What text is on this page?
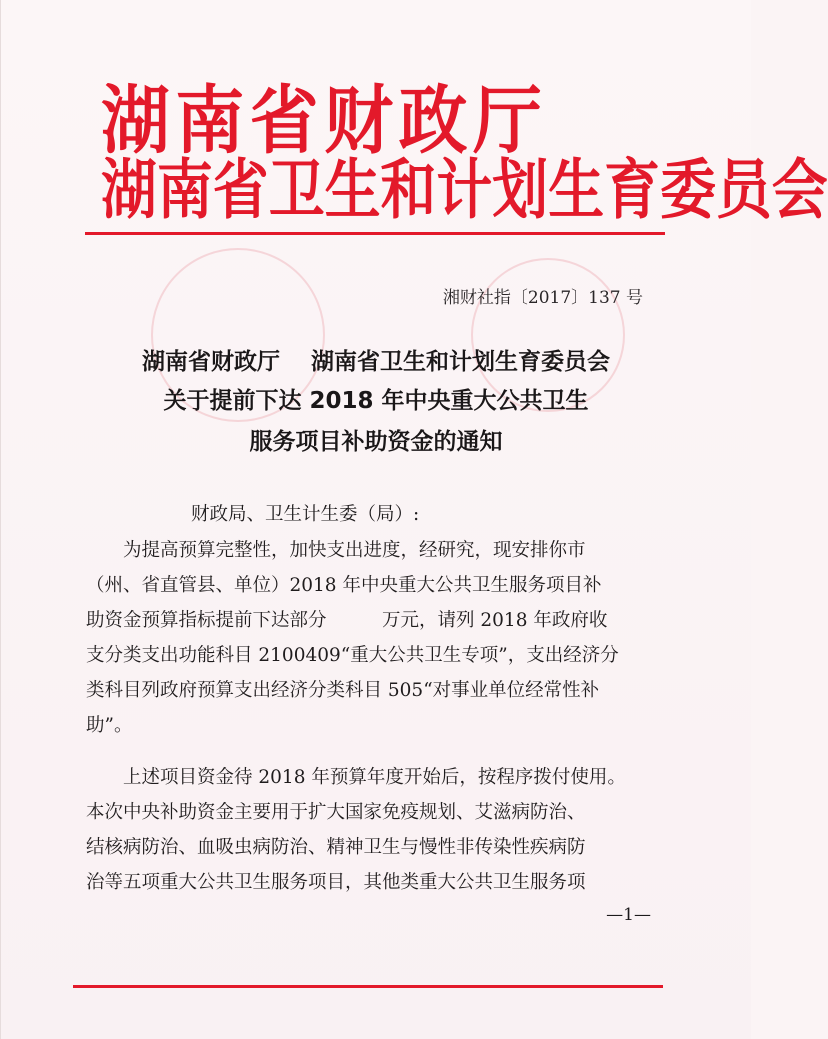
湖南省财政厅
湖南省卫生和计划生育委员会
湘财社指〔2017〕137 号
湖南省财政厅　 湖南省卫生和计划生育委员会
关于提前下达 2018 年中央重大公共卫生
服务项目补助资金的通知
财政局、卫生计生委（局）:

为提高预算完整性，加快支出进度，经研究，现安排你市

（州、省直管县、单位）2018 年中央重大公共卫生服务项目补
助资金预算指标提前下达部分　　　万元，请列 2018 年政府收
支分类支出功能科目 2100409“重大公共卫生专项”，支出经济分
类科目列政府预算支出经济分类科目 505“对事业单位经常性补
助”。

上述项目资金待 2018 年预算年度开始后，按程序拨付使用。

本次中央补助资金主要用于扩大国家免疫规划、艾滋病防治、
结核病防治、血吸虫病防治、精神卫生与慢性非传染性疾病防
治等五项重大公共卫生服务项目，其他类重大公共卫生服务项
—1—
